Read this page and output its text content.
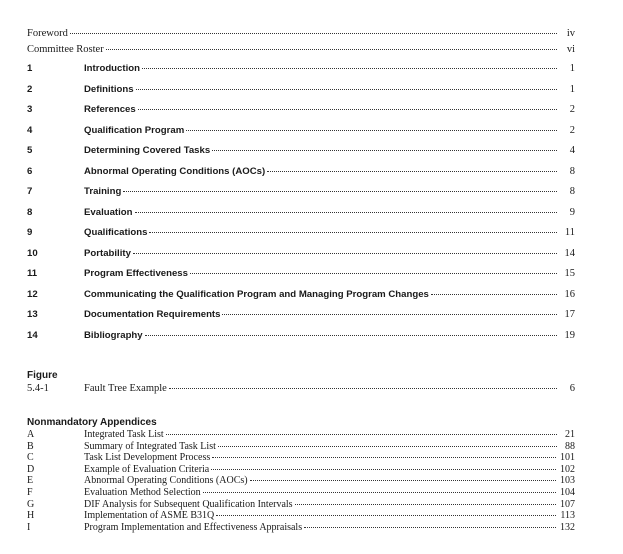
Foreword	iv
Committee Roster	vi
1	Introduction	1
2	Definitions	1
3	References	2
4	Qualification Program	2
5	Determining Covered Tasks	4
6	Abnormal Operating Conditions (AOCs)	8
7	Training	8
8	Evaluation	9
9	Qualifications	11
10	Portability	14
11	Program Effectiveness	15
12	Communicating the Qualification Program and Managing Program Changes	16
13	Documentation Requirements	17
14	Bibliography	19
Figure
5.4-1	Fault Tree Example	6
Nonmandatory Appendices
A	Integrated Task List	21
B	Summary of Integrated Task List	88
C	Task List Development Process	101
D	Example of Evaluation Criteria	102
E	Abnormal Operating Conditions (AOCs)	103
F	Evaluation Method Selection	104
G	DIF Analysis for Subsequent Qualification Intervals	107
H	Implementation of ASME B31Q	113
I	Program Implementation and Effectiveness Appraisals	132
